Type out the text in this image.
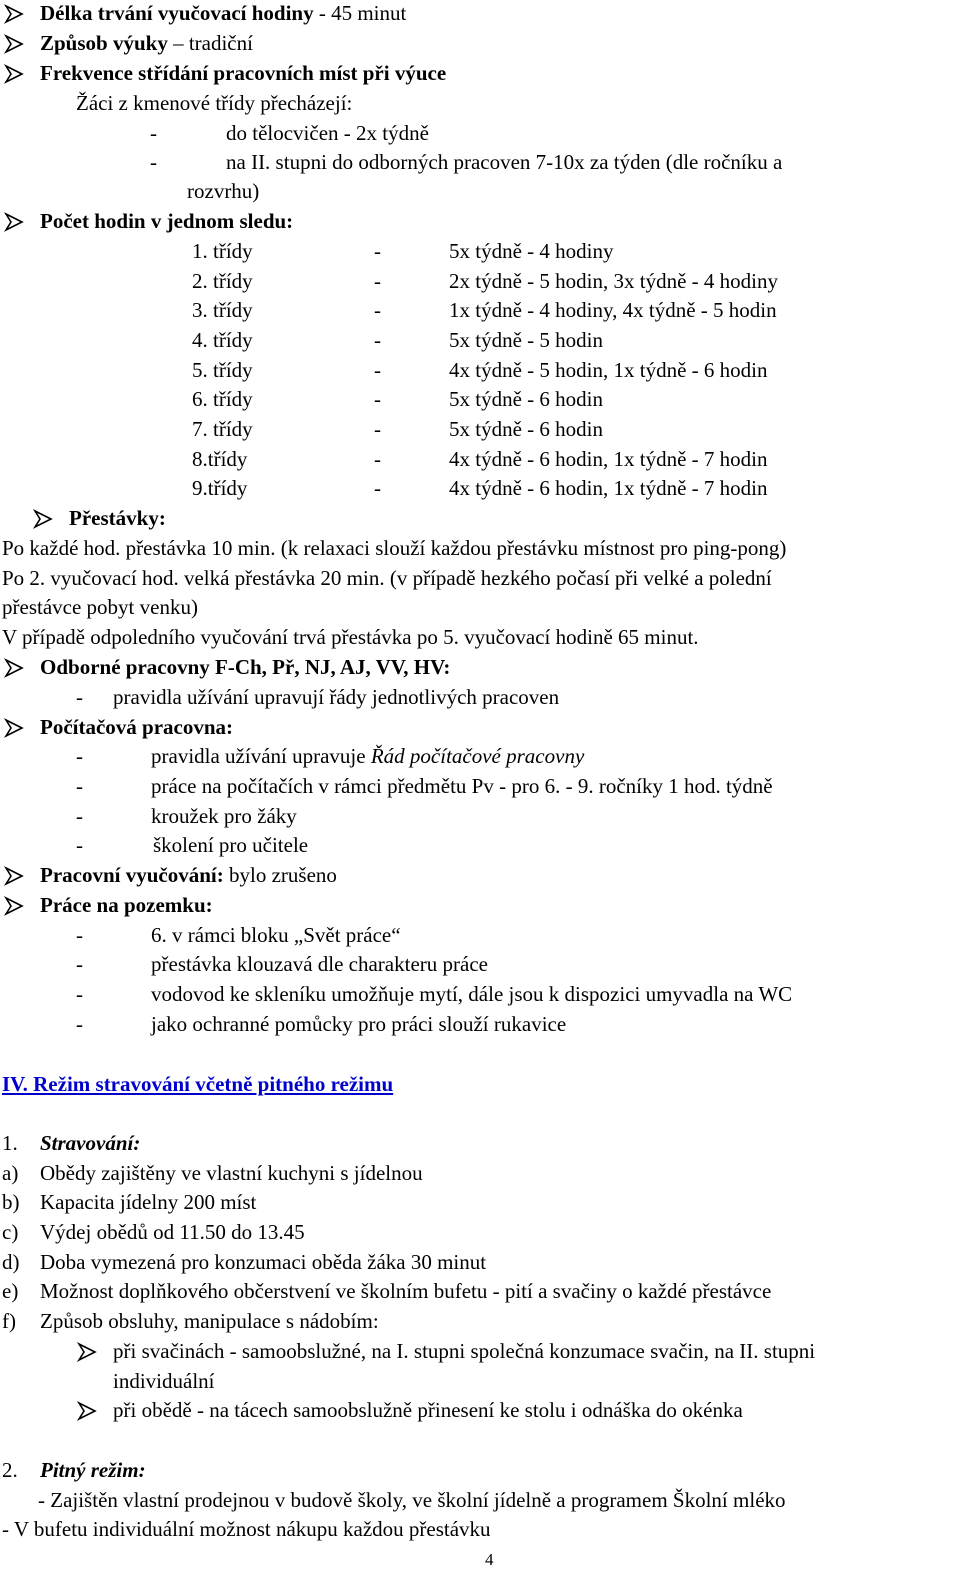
Délka trvání vyučovací hodiny - 45 minut
Způsob výuky – tradiční
Frekvence střídání pracovních míst při výuce
Žáci z kmenové třídy přecházejí:
-	do tělocvičen - 2x týdně
-	na II. stupni do odborných pracoven 7-10x za týden (dle ročníku a
rozvrhu)
Počet hodin v jednom sledu:
1. třídy	-	5x týdně - 4 hodiny
2. třídy	-	2x týdně - 5 hodin, 3x týdně - 4 hodiny
3. třídy	-	1x týdně - 4 hodiny, 4x týdně - 5 hodin
4. třídy	-	5x týdně - 5 hodin
5. třídy	-	4x týdně - 5 hodin, 1x týdně - 6 hodin
6. třídy	-	5x týdně - 6 hodin
7. třídy	-	5x týdně - 6 hodin
8.třídy	-	4x týdně - 6 hodin, 1x týdně - 7 hodin
9.třídy	-	4x týdně - 6 hodin, 1x týdně - 7 hodin
Přestávky:
Po každé hod. přestávka 10 min. (k relaxaci slouží každou přestávku místnost pro ping-pong)
Po 2. vyučovací hod. velká přestávka 20 min. (v případě hezkého počasí při velké a polední
přestávce pobyt venku)
V případě odpoledního vyučování trvá přestávka po 5. vyučovací hodině 65 minut.
Odborné pracovny F-Ch, Př, NJ, AJ, VV, HV:
- pravidla užívání upravují řády jednotlivých pracoven
Počítačová pracovna:
-	pravidla užívání upravuje Řád počítačové pracovny
-	práce na počítačích v rámci předmětu Pv - pro 6. - 9. ročníky 1 hod. týdně
-	kroužek pro žáky
-	školení pro učitele
Pracovní vyučování: bylo zrušeno
Práce na pozemku:
-	6. v rámci bloku „Svět práce“
-	přestávka klouzavá dle charakteru práce
-	vodovod ke skleníku umožňuje mytí, dále jsou k dispozici umyvadla na WC
-	jako ochranné pomůcky pro práci slouží rukavice
IV. Režim stravování včetně pitného režimu
1. Stravování:
a) Obědy zajištěny ve vlastní kuchyni s jídelnou
b) Kapacita jídelny 200 míst
c) Výdej obědů od 11.50 do 13.45
d) Doba vymezená pro konzumaci oběda žáka 30 minut
e) Možnost doplňkového občerstvení ve školním bufetu - pití a svačiny o každé přestávce
f) Způsob obsluhy, manipulace s nádobím:
při svačinách - samoobslužné, na I. stupni společná konzumace svačin, na II. stupni
individuální
při obědě - na tácech samoobslužně přinesení ke stolu i odnáška do okénka
2. Pitný režim:
- Zajištěn vlastní prodejnou v budově školy, ve školní jídelně a programem Školní mléko
- V bufetu individuální možnost nákupu každou přestávku
4
